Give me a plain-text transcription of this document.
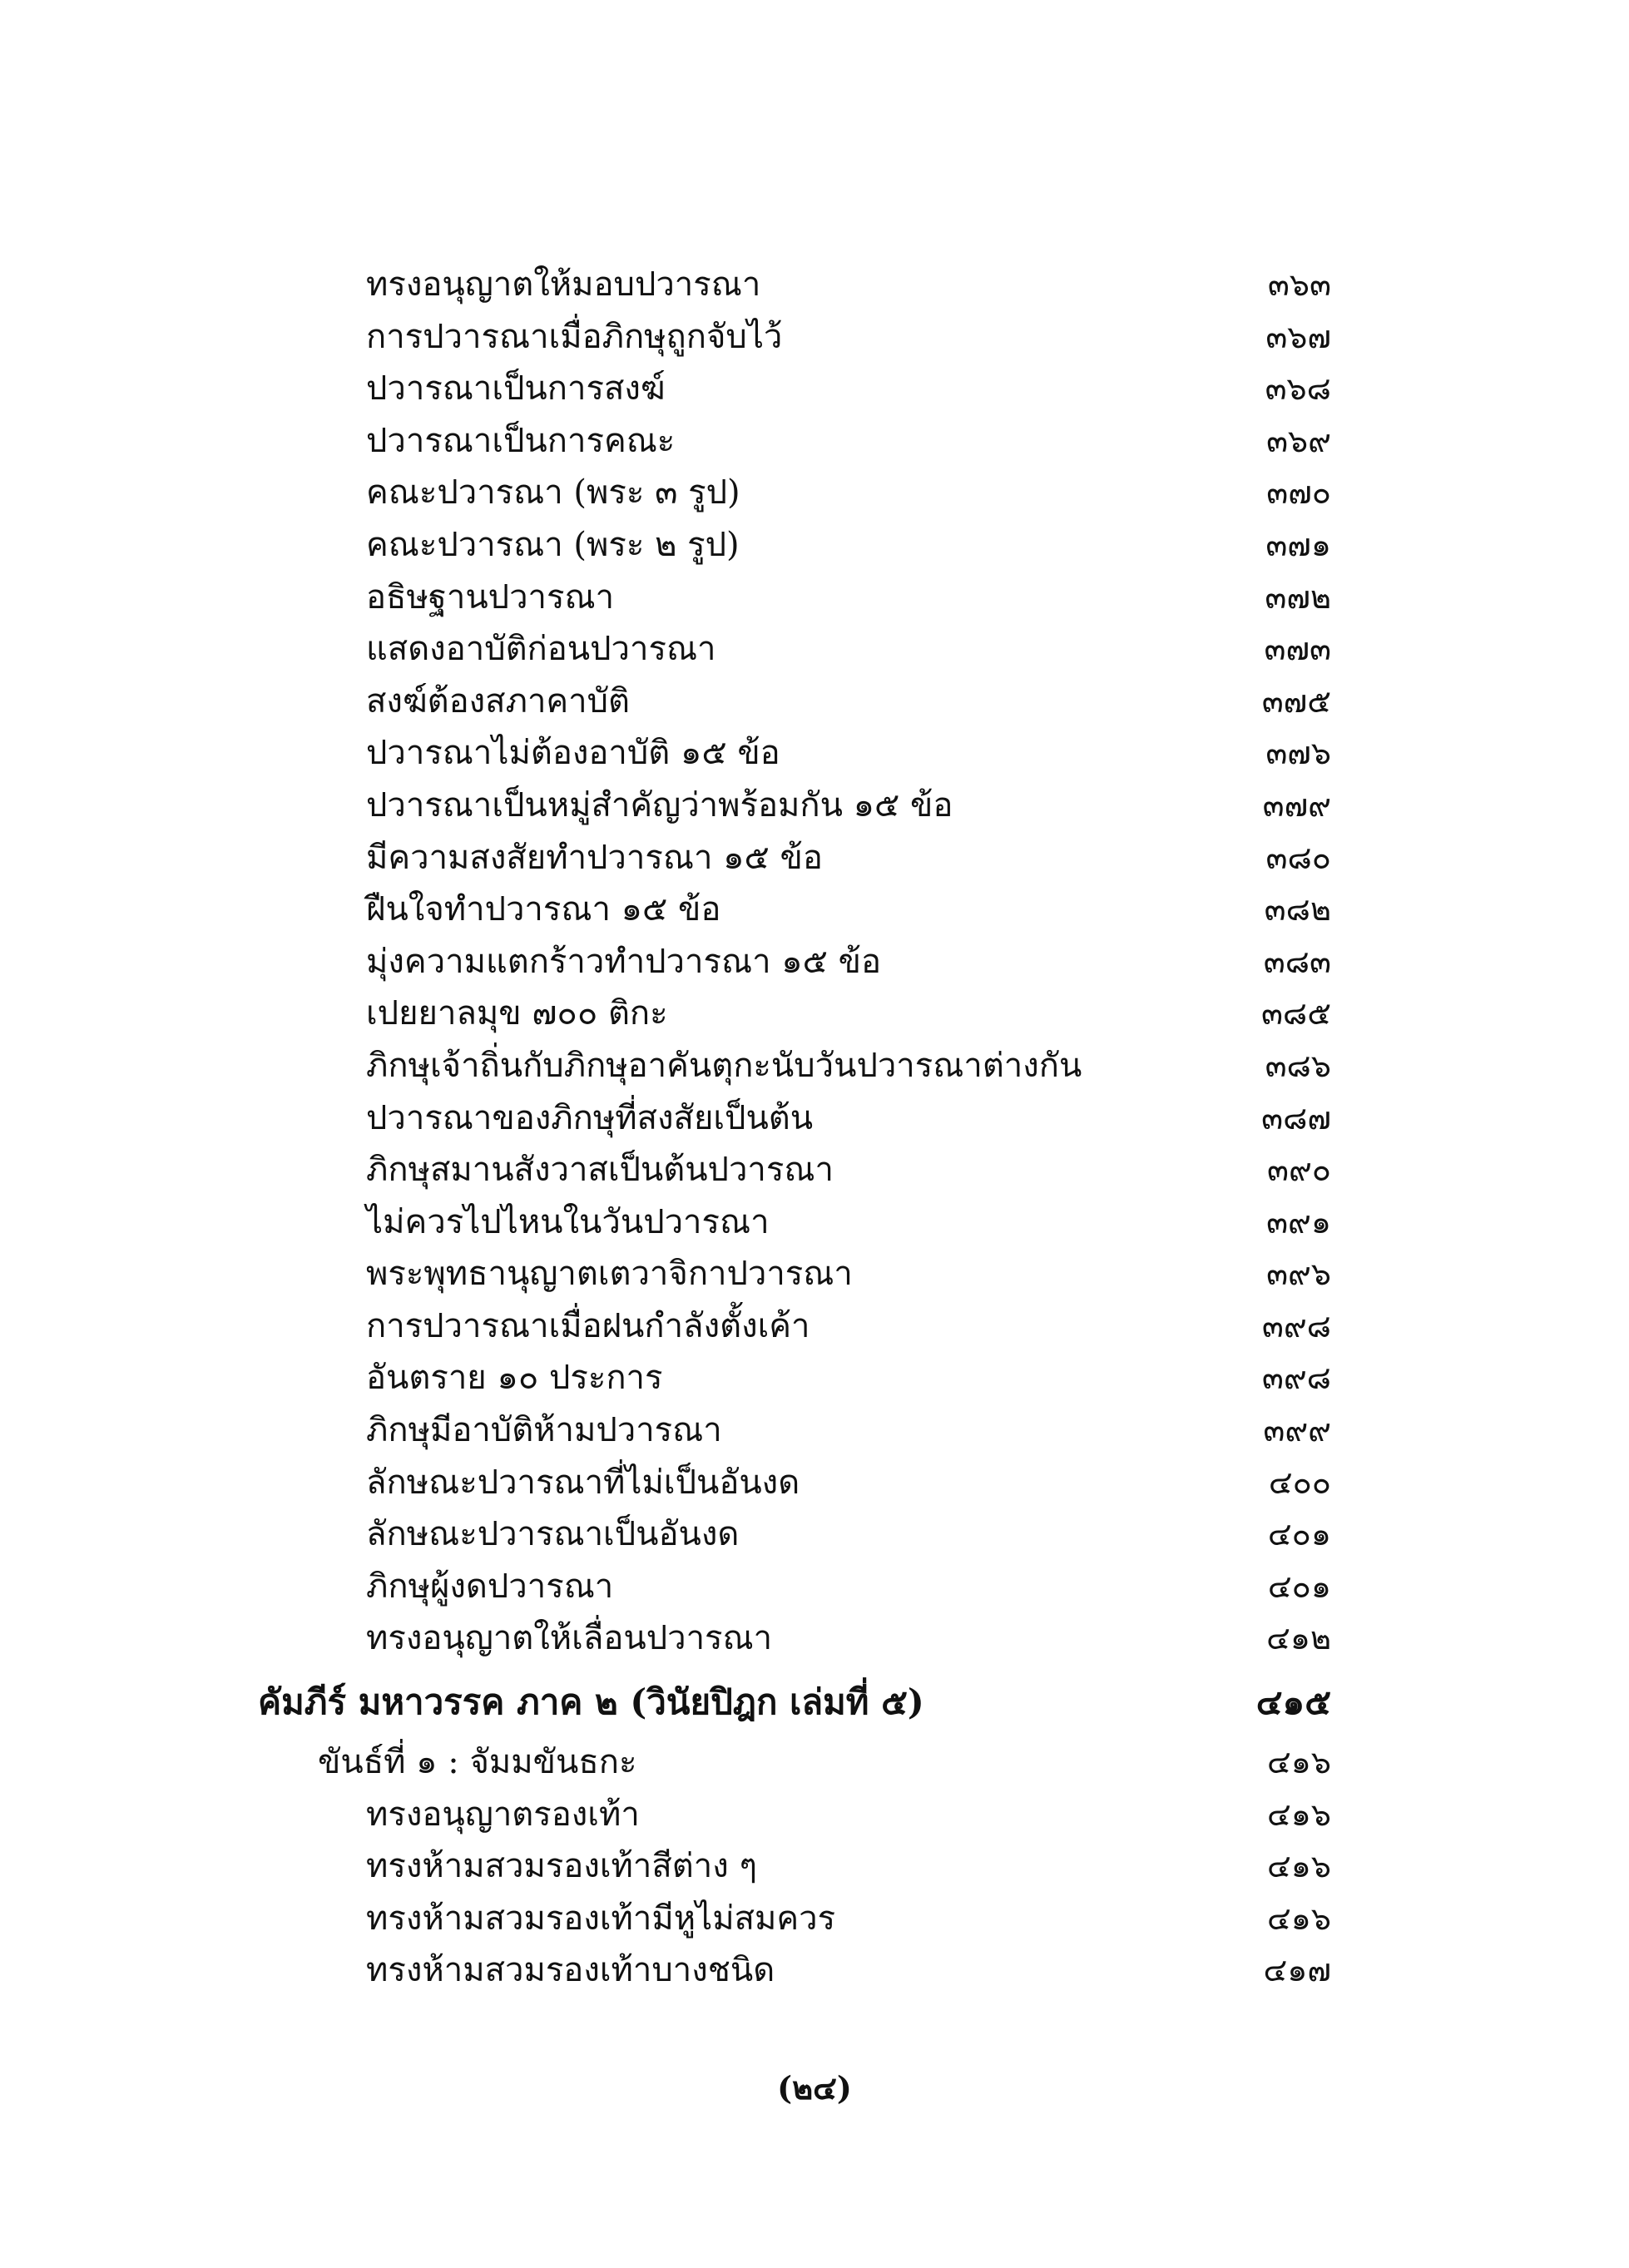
ทรงอนุญาตให้มอบปวารณา	๓๖๓
การปวารณาเมื่อภิกษุถูกจับไว้	๓๖๗
ปวารณาเป็นการสงฆ์	๓๖๘
ปวารณาเป็นการคณะ	๓๖๙
คณะปวารณา (พระ ๓ รูป)	๓๗๐
คณะปวารณา (พระ ๒ รูป)	๓๗๑
อธิษฐานปวารณา	๓๗๒
แสดงอาบัติก่อนปวารณา	๓๗๓
สงฆ์ต้องสภาคาบัติ	๓๗๕
ปวารณาไม่ต้องอาบัติ ๑๕ ข้อ	๓๗๖
ปวารณาเป็นหมู่สำคัญว่าพร้อมกัน ๑๕ ข้อ	๓๗๙
มีความสงสัยทำปวารณา ๑๕ ข้อ	๓๘๐
ฝืนใจทำปวารณา ๑๕ ข้อ	๓๘๒
มุ่งความแตกร้าวทำปวารณา ๑๕ ข้อ	๓๘๓
เปยยาลมุข ๗๐๐ ติกะ	๓๘๕
ภิกษุเจ้าถิ่นกับภิกษุอาคันตุกะนับวันปวารณาต่างกัน	๓๘๖
ปวารณาของภิกษุที่สงสัยเป็นต้น	๓๘๗
ภิกษุสมานสังวาสเป็นต้นปวารณา	๓๙๐
ไม่ควรไปไหนในวันปวารณา	๓๙๑
พระพุทธานุญาตเตวาจิกาปวารณา	๓๙๖
การปวารณาเมื่อฝนกำลังตั้งเค้า	๓๙๘
อันตราย ๑๐ ประการ	๓๙๘
ภิกษุมีอาบัติห้ามปวารณา	๓๙๙
ลักษณะปวารณาที่ไม่เป็นอันงด	๔๐๐
ลักษณะปวารณาเป็นอันงด	๔๐๑
ภิกษุผู้งดปวารณา	๔๐๑
ทรงอนุญาตให้เลื่อนปวารณา	๔๑๒
คัมภีร์ มหาวรรค ภาค ๒ (วินัยปิฎก เล่มที่ ๕)	๔๑๕
ขันธ์ที่ ๑ : จัมมขันธกะ	๔๑๖
ทรงอนุญาตรองเท้า	๔๑๖
ทรงห้ามสวมรองเท้าสีต่าง ๆ	๔๑๖
ทรงห้ามสวมรองเท้ามีหูไม่สมควร	๔๑๖
ทรงห้ามสวมรองเท้าบางชนิด	๔๑๗
(๒๔)
